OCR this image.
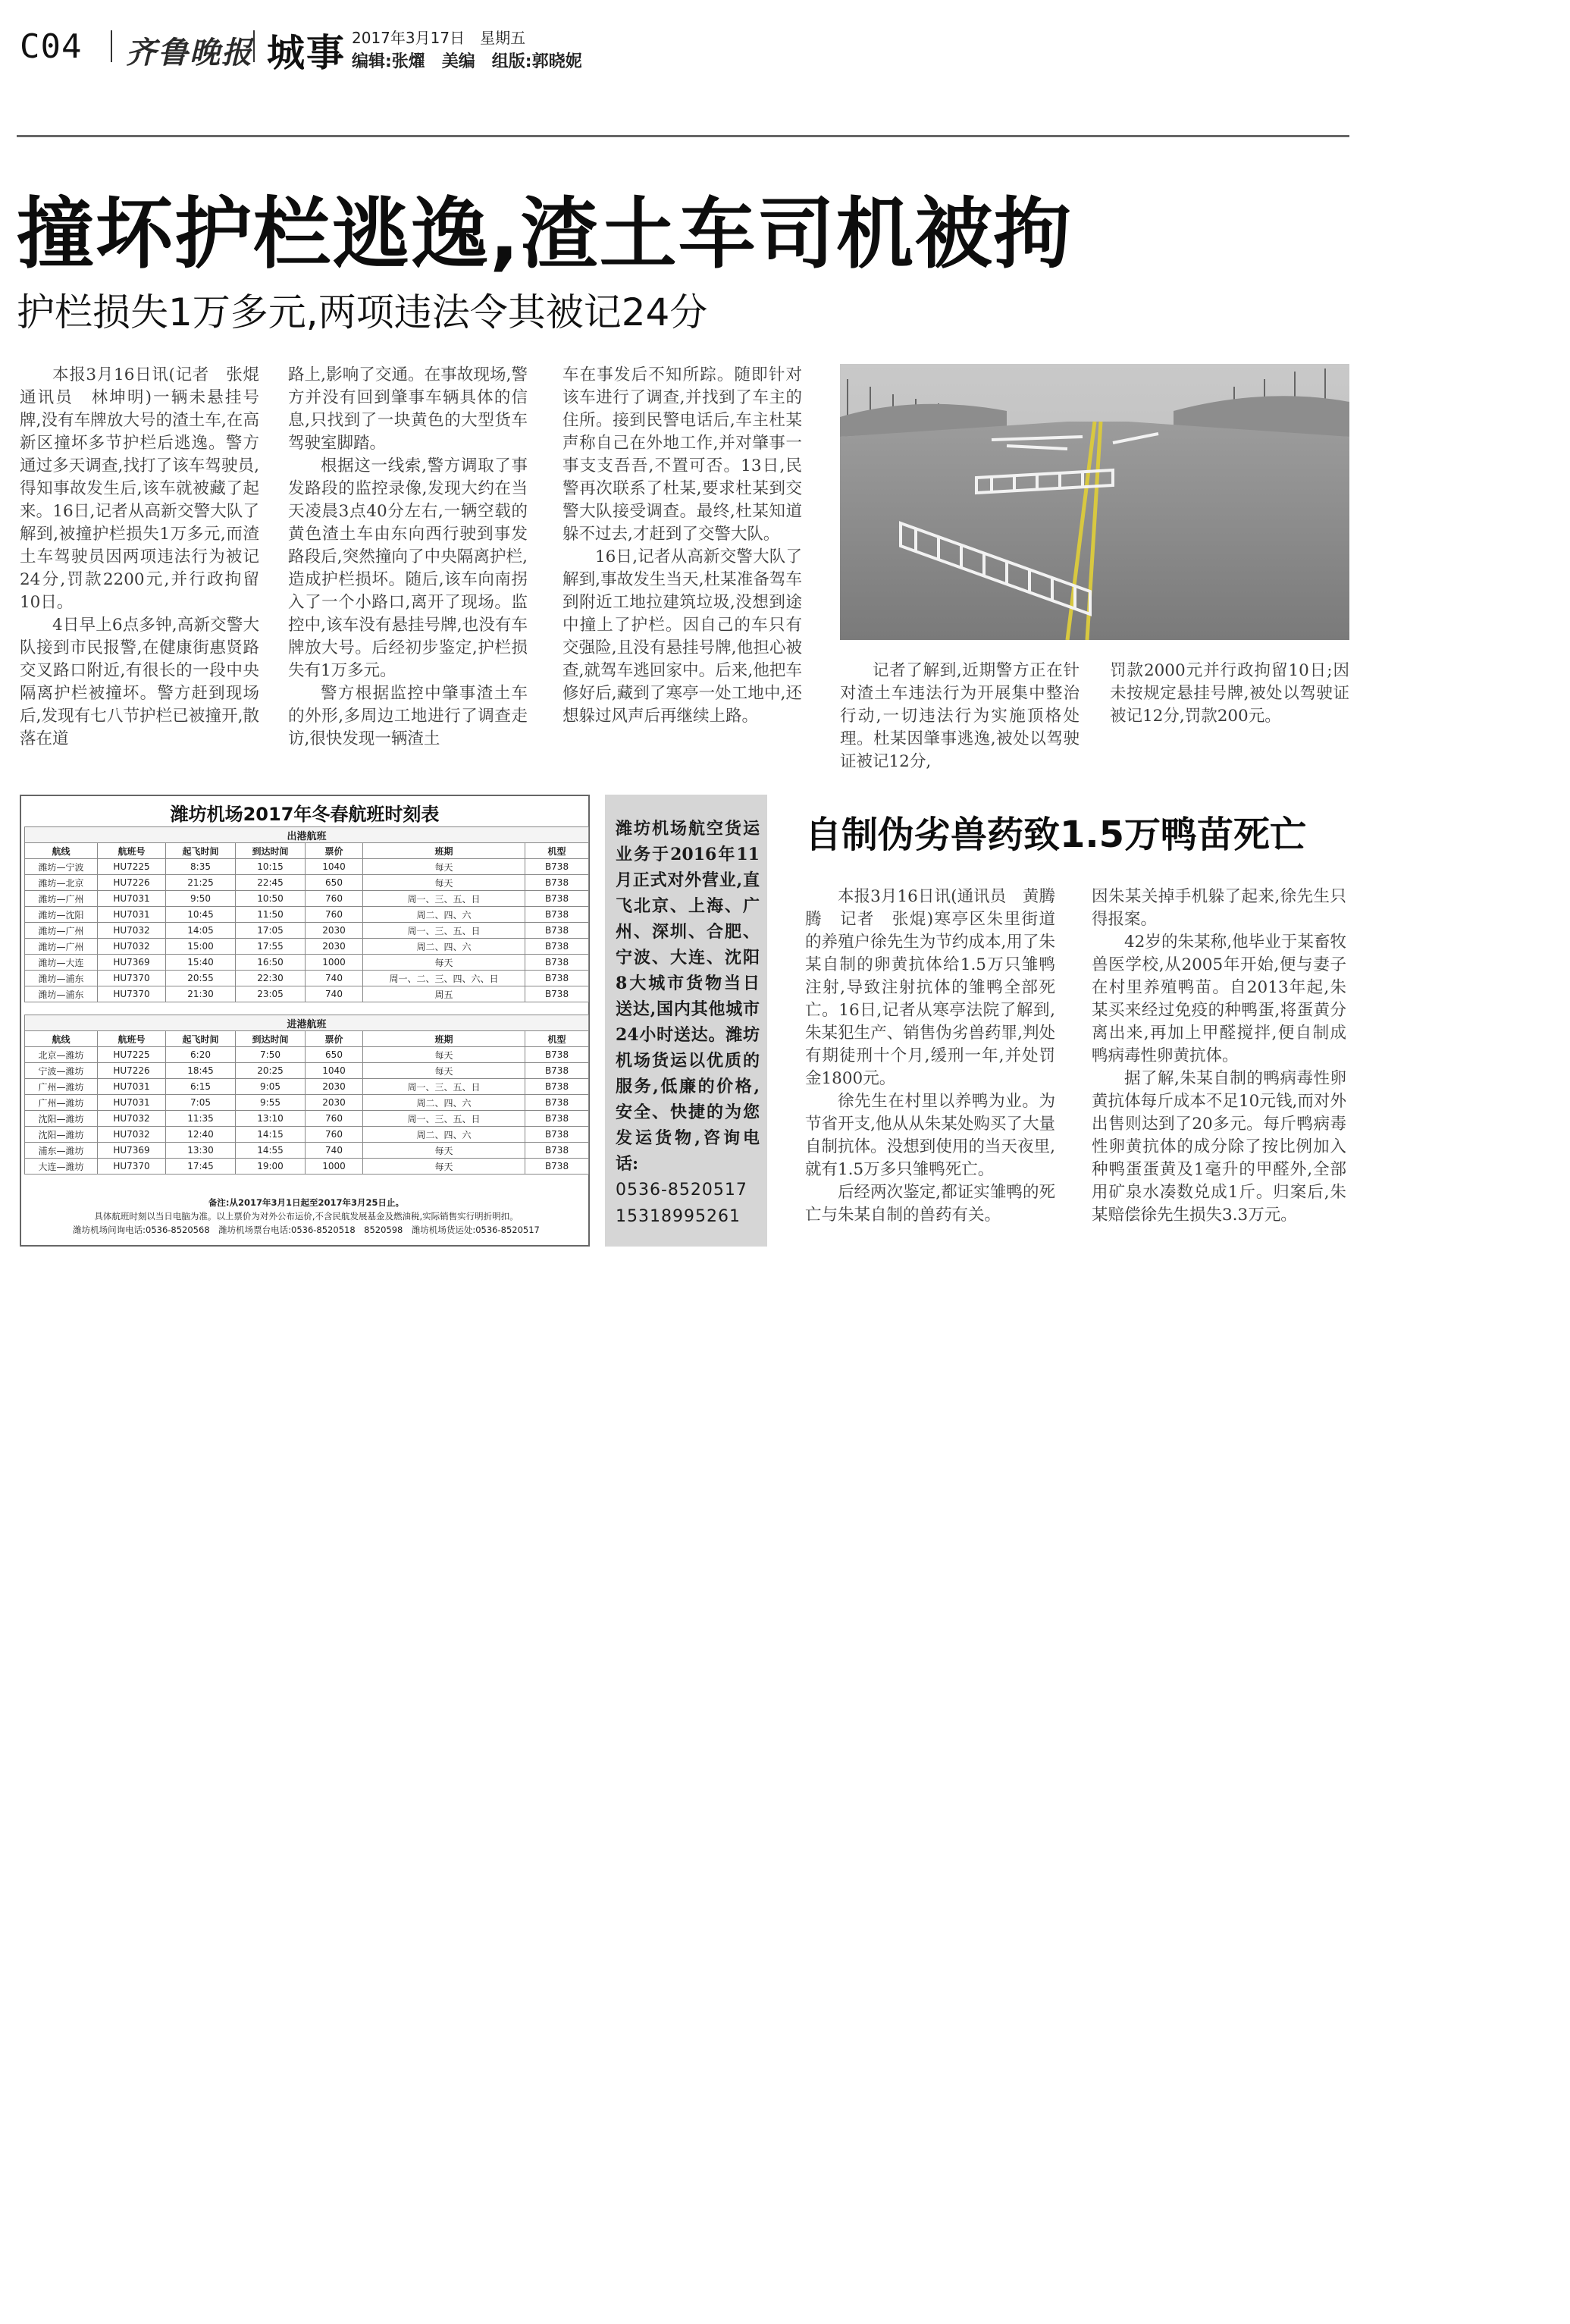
C04 齐鲁晚报 城事 2017年3月17日　星期五
编辑:张燿　美编　组版:郭晓妮
撞坏护栏逃逸,渣土车司机被拘
护栏损失1万多元,两项违法令其被记24分

本报3月16日讯(记者　张焜　通讯员　林坤明)一辆未悬挂号牌,没有车牌放大号的渣土车,在高新区撞坏多节护栏后逃逸。警方通过多天调查,找打了该车驾驶员,得知事故发生后,该车就被藏了起来。16日,记者从高新交警大队了解到,被撞护栏损失1万多元,而渣土车驾驶员因两项违法行为被记24分,罚款2200元,并行政拘留10日。

4日早上6点多钟,高新交警大队接到市民报警,在健康街惠贤路交叉路口附近,有很长的一段中央隔离护栏被撞坏。警方赶到现场后,发现有七八节护栏已被撞开,散落在道

路上,影响了交通。在事故现场,警方并没有回到肇事车辆具体的信息,只找到了一块黄色的大型货车驾驶室脚踏。

根据这一线索,警方调取了事发路段的监控录像,发现大约在当天凌晨3点40分左右,一辆空载的黄色渣土车由东向西行驶到事发路段后,突然撞向了中央隔离护栏,造成护栏损坏。随后,该车向南拐入了一个小路口,离开了现场。监控中,该车没有悬挂号牌,也没有车牌放大号。后经初步鉴定,护栏损失有1万多元。

警方根据监控中肇事渣土车的外形,多周边工地进行了调查走访,很快发现一辆渣土

车在事发后不知所踪。随即针对该车进行了调查,并找到了车主的住所。接到民警电话后,车主杜某声称自己在外地工作,并对肇事一事支支吾吾,不置可否。13日,民警再次联系了杜某,要求杜某到交警大队接受调查。最终,杜某知道躲不过去,才赶到了交警大队。

16日,记者从高新交警大队了解到,事故发生当天,杜某准备驾车到附近工地拉建筑垃圾,没想到途中撞上了护栏。因自己的车只有交强险,且没有悬挂号牌,他担心被查,就驾车逃回家中。后来,他把车修好后,藏到了寒亭一处工地中,还想躲过风声后再继续上路。

记者了解到,近期警方正在针对渣土车违法行为开展集中整治行动,一切违法行为实施顶格处理。杜某因肇事逃逸,被处以驾驶证被记12分,

罚款2000元并行政拘留10日;因未按规定悬挂号牌,被处以驾驶证被记12分,罚款200元。

潍坊机场2017年冬春航班时刻表
出港航班						
航线	航班号	起飞时间	到达时间	票价	班期	机型
潍坊—宁波	HU7225	8:35	10:15	1040	每天	B738
潍坊—北京	HU7226	21:25	22:45	650	每天	B738
潍坊—广州	HU7031	9:50	10:50	760	周一、三、五、日	B738
潍坊—沈阳	HU7031	10:45	11:50	760	周二、四、六	B738
潍坊—广州	HU7032	14:05	17:05	2030	周一、三、五、日	B738
潍坊—广州	HU7032	15:00	17:55	2030	周二、四、六	B738
潍坊—大连	HU7369	15:40	16:50	1000	每天	B738
潍坊—浦东	HU7370	20:55	22:30	740	周一、二、三、四、六、日	B738
潍坊—浦东	HU7370	21:30	23:05	740	周五	B738

进港航班						
航线	航班号	起飞时间	到达时间	票价	班期	机型
北京—潍坊	HU7225	6:20	7:50	650	每天	B738
宁波—潍坊	HU7226	18:45	20:25	1040	每天	B738
广州—潍坊	HU7031	6:15	9:05	2030	周一、三、五、日	B738
广州—潍坊	HU7031	7:05	9:55	2030	周二、四、六	B738
沈阳—潍坊	HU7032	11:35	13:10	760	周一、三、五、日	B738
沈阳—潍坊	HU7032	12:40	14:15	760	周二、四、六	B738
浦东—潍坊	HU7369	13:30	14:55	740	每天	B738
大连—潍坊	HU7370	17:45	19:00	1000	每天	B738
备注:从2017年3月1日起至2017年3月25日止。
具体航班时刻以当日电脑为准。以上票价为对外公布运价,不含民航发展基金及燃油税,实际销售实行明折明扣。
潍坊机场问询电话:0536-8520568　潍坊机场票台电话:0536-8520518　8520598　潍坊机场货运处:0536-8520517
潍坊机场航空货运业务于2016年11月正式对外营业,直飞北京、上海、广州、深圳、合肥、宁波、大连、沈阳8大城市货物当日送达,国内其他城市24小时送达。潍坊机场货运以优质的服务,低廉的价格,安全、快捷的为您发运货物,咨询电话:
0536-8520517
15318995261
自制伪劣兽药致1.5万鸭苗死亡

本报3月16日讯(通讯员　黄腾腾　记者　张焜)寒亭区朱里街道的养殖户徐先生为节约成本,用了朱某自制的卵黄抗体给1.5万只雏鸭注射,导致注射抗体的雏鸭全部死亡。16日,记者从寒亭法院了解到,朱某犯生产、销售伪劣兽药罪,判处有期徒刑十个月,缓刑一年,并处罚金1800元。

徐先生在村里以养鸭为业。为节省开支,他从从朱某处购买了大量自制抗体。没想到使用的当天夜里,就有1.5万多只雏鸭死亡。

后经两次鉴定,都证实雏鸭的死亡与朱某自制的兽药有关。

因朱某关掉手机躲了起来,徐先生只得报案。

42岁的朱某称,他毕业于某畜牧兽医学校,从2005年开始,便与妻子在村里养殖鸭苗。自2013年起,朱某买来经过免疫的种鸭蛋,将蛋黄分离出来,再加上甲醛搅拌,便自制成鸭病毒性卵黄抗体。

据了解,朱某自制的鸭病毒性卵黄抗体每斤成本不足10元钱,而对外出售则达到了20多元。每斤鸭病毒性卵黄抗体的成分除了按比例加入种鸭蛋蛋黄及1毫升的甲醛外,全部用矿泉水凑数兑成1斤。归案后,朱某赔偿徐先生损失3.3万元。
